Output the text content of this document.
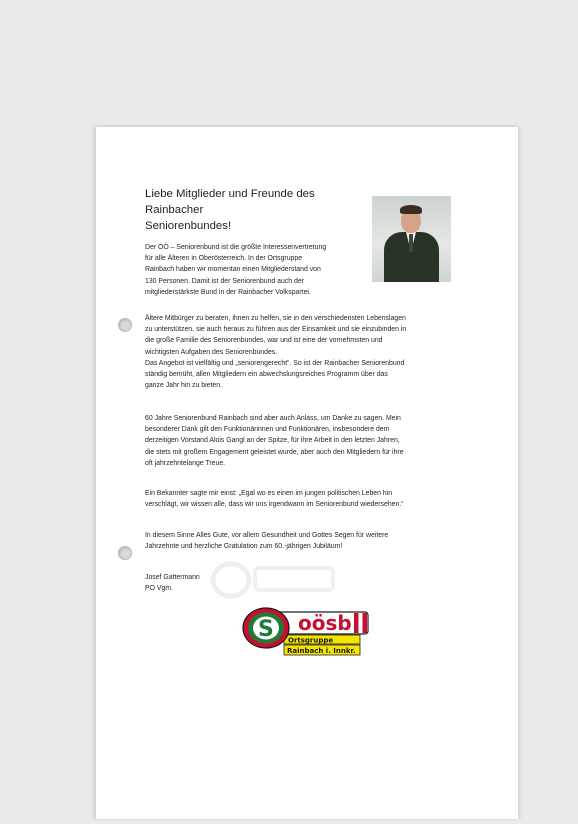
Liebe Mitglieder und Freunde des Rainbacher
Seniorenbundes!
Der OÖ – Seniorenbund ist die größte Interessenvertretung
für alle Älteren in Oberösterreich. In der Ortsgruppe
Rainbach haben wir momentan einen Mitgliederstand von
130 Personen. Damit ist der Seniorenbund auch der
mitgliederstärkste Bund in der Rainbacher Volkspartei.
Ältere Mitbürger zu beraten, ihnen zu helfen, sie in den verschiedensten Lebenslagen
zu unterstützen, sie auch heraus zu führen aus der Einsamkeit und sie einzubinden in
die große Familie des Seniorenbundes, war und ist eine der vornehmsten und
wichtigsten Aufgaben des Seniorenbundes.
Das Angebot ist vielfältig und „seniorengerecht“. So ist der Rainbacher Seniorenbund
ständig bemüht, allen Mitgliedern ein abwechslungsreiches Programm über das
ganze Jahr hin zu bieten.
60 Jahre Seniorenbund Rainbach sind aber auch Anlass, um Danke zu sagen. Mein
besonderer Dank gilt den Funktionärinnen und Funktionären, insbesondere dem
derzeitigen Vorstand Alois Gangl an der Spitze, für ihre Arbeit in den letzten Jahren,
die stets mit großem Engagement geleistet wurde, aber auch den Mitgliedern für ihre
oft jahrzehntelange Treue.
Ein Bekannter sagte mir einst: „Egal wo es einen im jungen politischen Leben hin
verschlägt, wir wissen alle, dass wir uns irgendwann im Seniorenbund wiedersehen.“
In diesem Sinne Alles Gute, vor allem Gesundheit und Gottes Segen für weitere
Jahrzehnte und herzliche Gratulation zum 60.-jährigen Jubiläum!
Josef Gattermann
PO Vgm.
oösb
Ortsgruppe
Rainbach i. Innkr.
S
